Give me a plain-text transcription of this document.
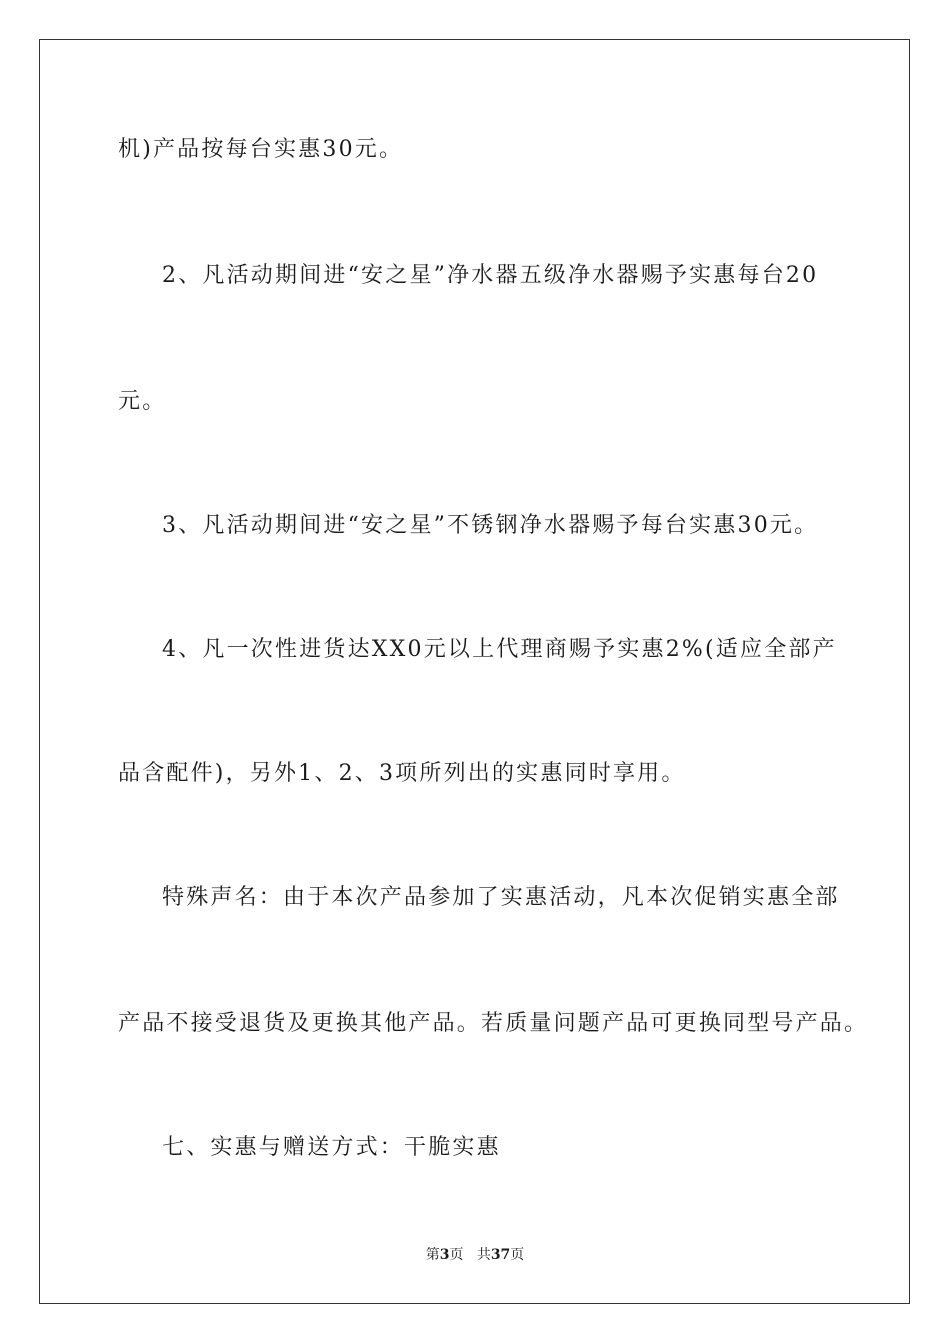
机)产品按每台实惠30元。
2、凡活动期间进“安之星”净水器五级净水器赐予实惠每台20
元。
3、凡活动期间进“安之星”不锈钢净水器赐予每台实惠30元。
4、凡一次性进货达XX0元以上代理商赐予实惠2%(适应全部产
品含配件)，另外1、2、3项所列出的实惠同时享用。
特殊声名：由于本次产品参加了实惠活动，凡本次促销实惠全部
产品不接受退货及更换其他产品。若质量问题产品可更换同型号产品。
七、实惠与赠送方式：干脆实惠
第3页 共37页
